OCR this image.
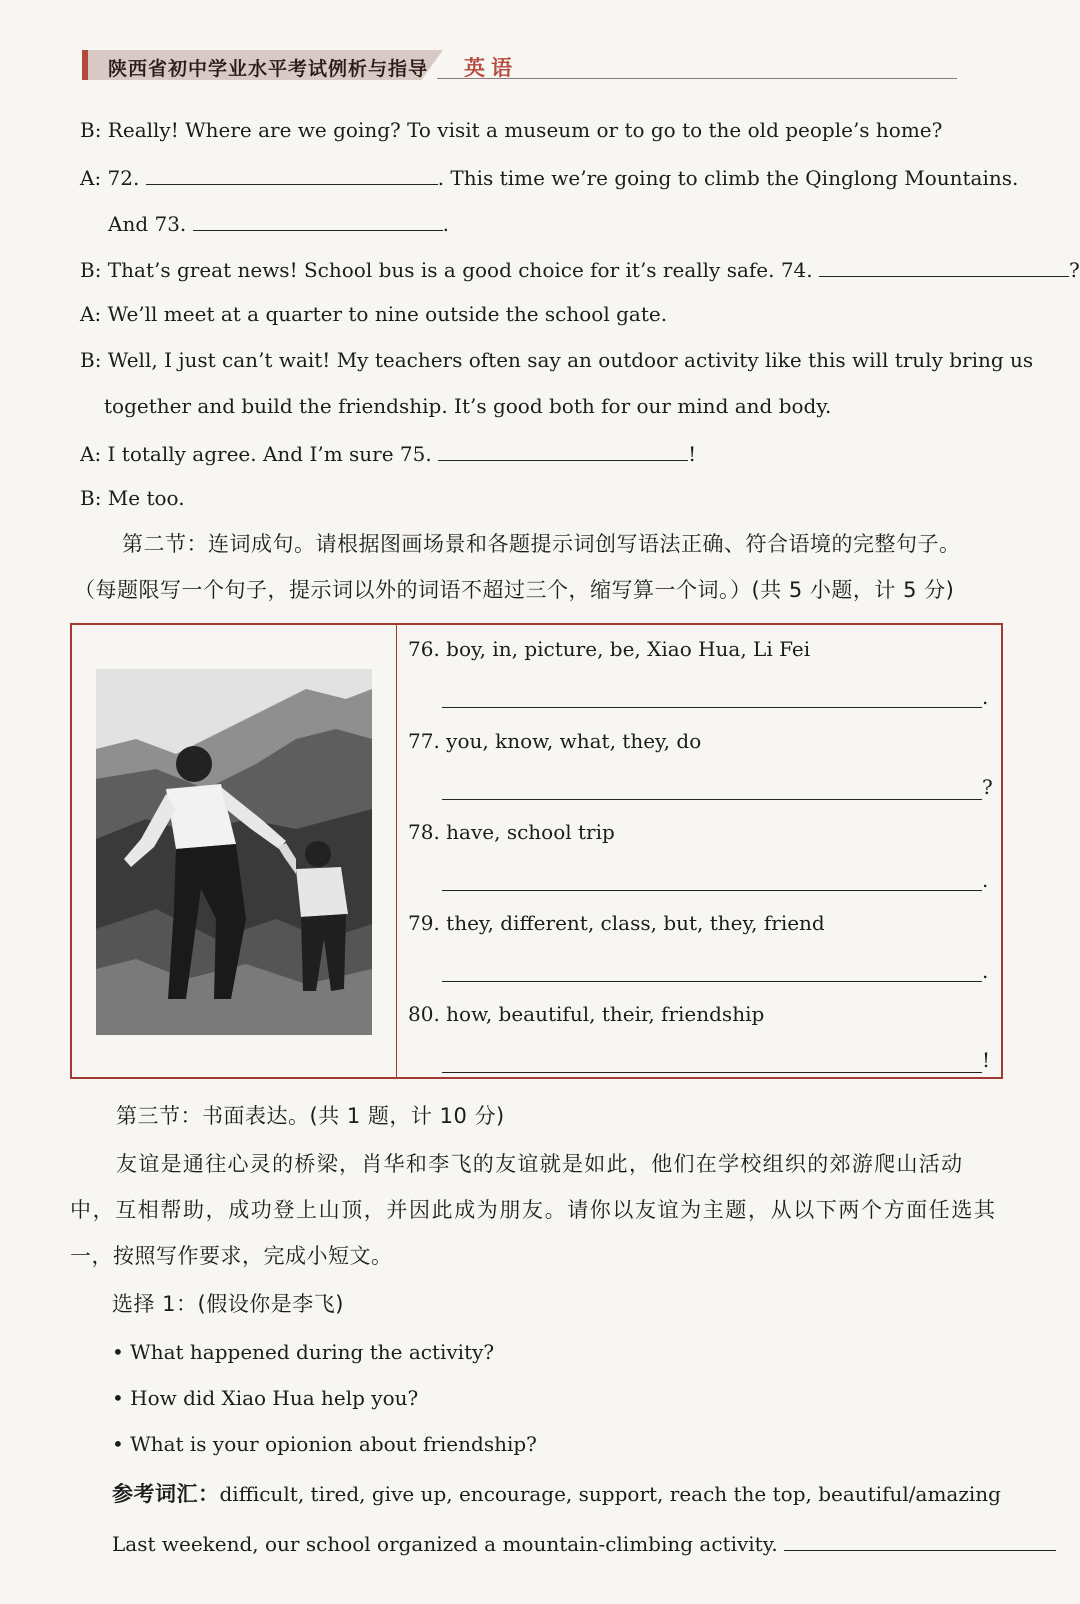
陕西省初中学业水平考试例析与指导 英语
B: Really! Where are we going? To visit a museum or to go to the old people’s home?
A: 72.	. This time we’re going to climb the Qinglong Mountains.
And 73.	.
B: That’s great news! School bus is a good choice for it’s really safe. 74.	?
A: We’ll meet at a quarter to nine outside the school gate.
B: Well, I just can’t wait! My teachers often say an outdoor activity like this will truly bring us
together and build the friendship. It’s good both for our mind and body.
A: I totally agree. And I’m sure 75.	!
B: Me too.
第二节：连词成句。请根据图画场景和各题提示词创写语法正确、符合语境的完整句子。
（每题限写一个句子，提示词以外的词语不超过三个，缩写算一个词。）(共 5 小题，计 5 分)
76. boy, in, picture, be, Xiao Hua, Li Fei
.
77. you, know, what, they, do
?
78. have, school trip
.
79. they, different, class, but, they, friend
.
80. how, beautiful, their, friendship
!
第三节：书面表达。(共 1 题，计 10 分)
友谊是通往心灵的桥梁，肖华和李飞的友谊就是如此，他们在学校组织的郊游爬山活动
中，互相帮助，成功登上山顶，并因此成为朋友。请你以友谊为主题，从以下两个方面任选其
一，按照写作要求，完成小短文。
选择 1：(假设你是李飞)
• What happened during the activity?
• How did Xiao Hua help you?
• What is your opionion about friendship?
参考词汇：difficult, tired, give up, encourage, support, reach the top, beautiful/amazing
Last weekend, our school organized a mountain-climbing activity.
